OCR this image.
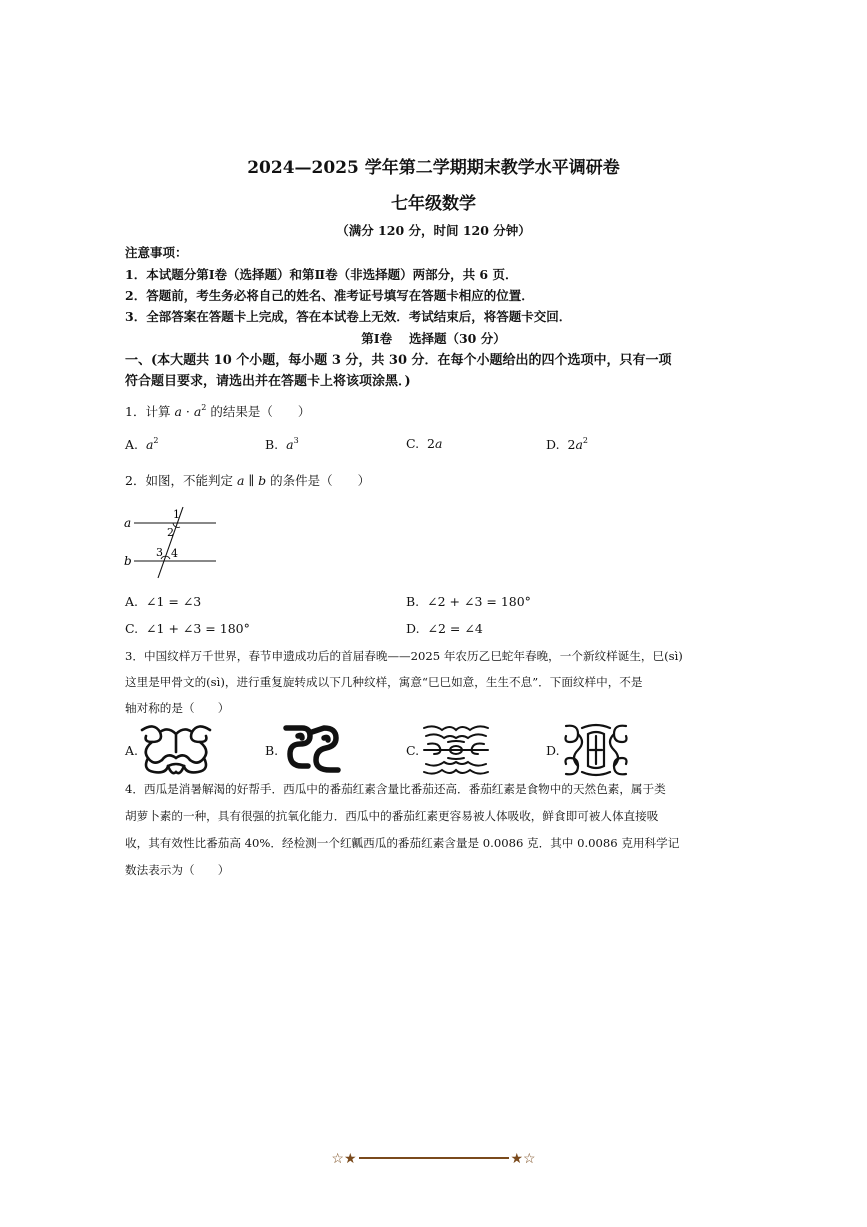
2024—2025 学年第二学期期末教学水平调研卷
七年级数学
（满分 120 分，时间 120 分钟）
注意事项：
1．本试题分第Ⅰ卷（选择题）和第Ⅱ卷（非选择题）两部分，共 6 页．
2．答题前，考生务必将自己的姓名、准考证号填写在答题卡相应的位置．
3．全部答案在答题卡上完成，答在本试卷上无效．考试结束后，将答题卡交回．
第Ⅰ卷　 选择题（30 分）
一、(本大题共 10 个小题，每小题 3 分，共 30 分．在每个小题给出的四个选项中，只有一项
符合题目要求，请选出并在答题卡上将该项涂黑．)
1．计算 $a \cdot a^2$ 的结果是（　　）
A. $a^2$	B. $a^3$	C. 2a	D. $2a^2$
2．如图，不能判定 a ∥ b 的条件是（　　）
a
b
1
2
3 4
A. ∠1 = ∠3	B. ∠2 + ∠3 = 180°
C. ∠1 + ∠3 = 180°	D. ∠2 = ∠4
3．中国纹样万千世界，春节申遗成功后的首届春晚——2025 年农历乙巳蛇年春晚，一个新纹样诞生，巳(sì)
这里是甲骨文的(sì)，进行重复旋转成以下几种纹样，寓意“巳巳如意，生生不息”．下面纹样中，不是
轴对称的是（　　）
A.	B.	C.	D.
4．西瓜是消暑解渴的好帮手．西瓜中的番茄红素含量比番茄还高．番茄红素是食物中的天然色素，属于类
胡萝卜素的一种，具有很强的抗氧化能力．西瓜中的番茄红素更容易被人体吸收，鲜食即可被人体直接吸
收，其有效性比番茄高 40%．经检测一个红瓤西瓜的番茄红素含量是 0.0086 克．其中 0.0086 克用科学记
数法表示为（　　）
☆★	★☆
